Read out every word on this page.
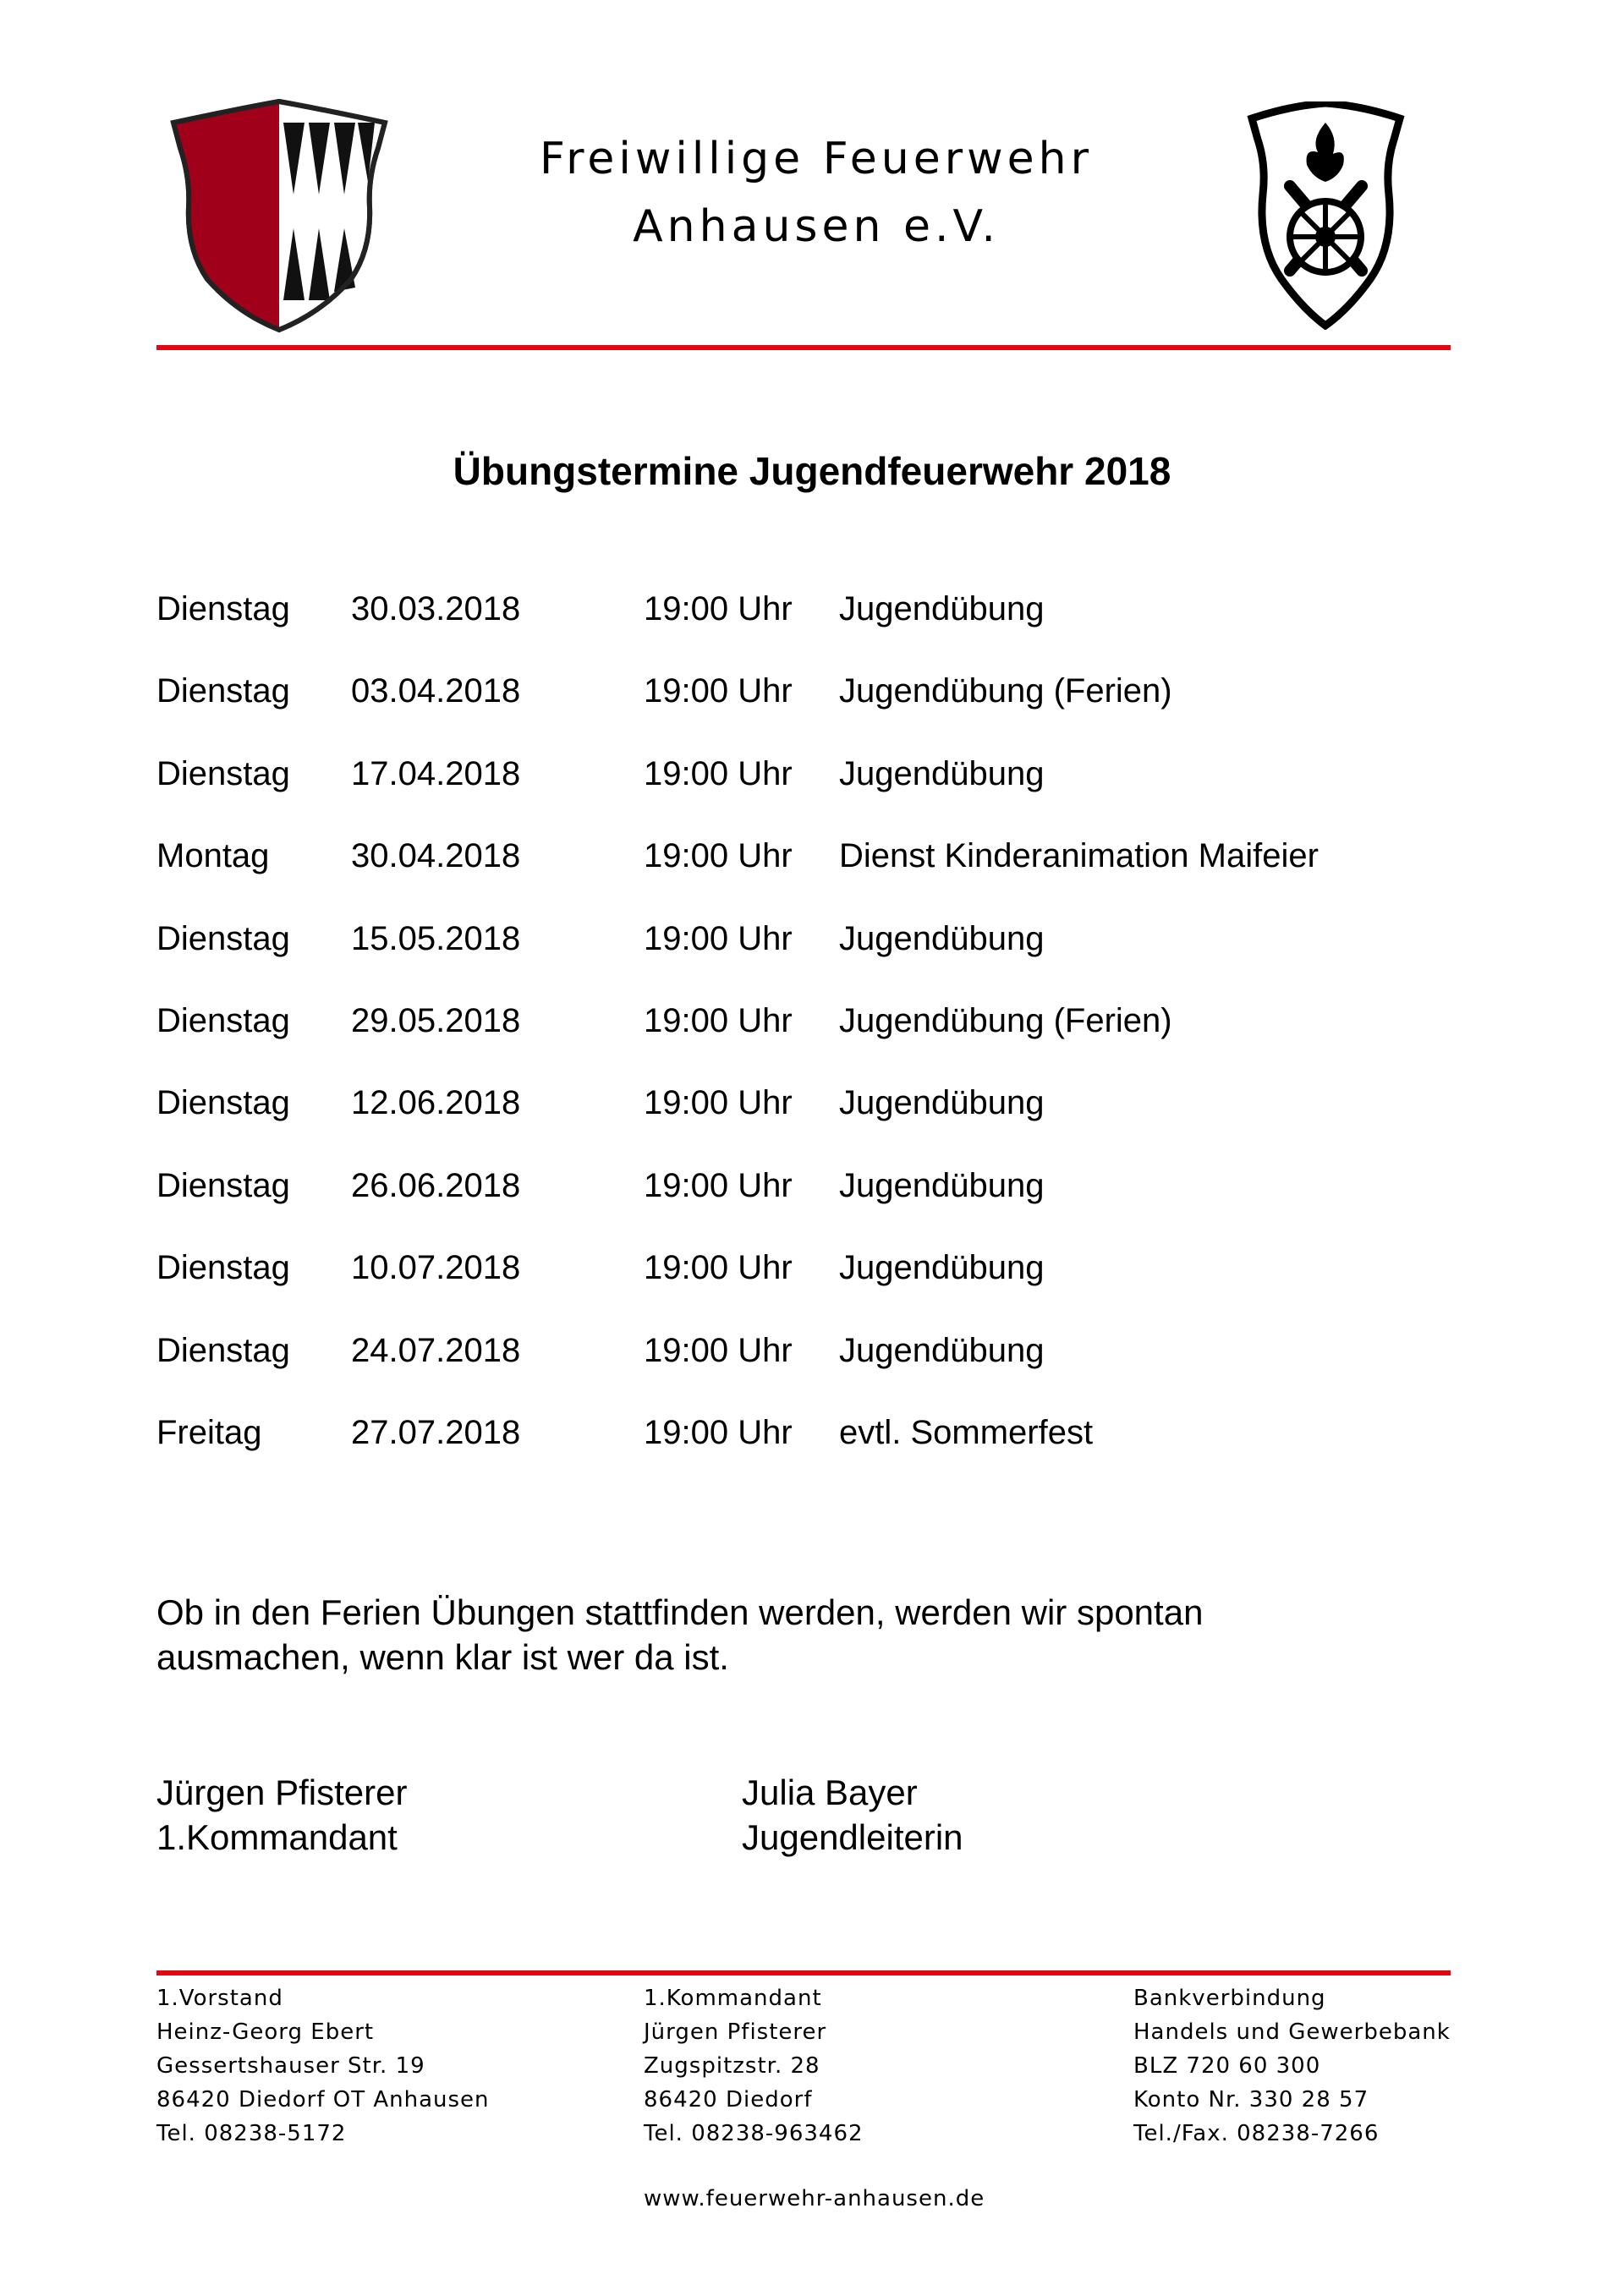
Freiwillige Feuerwehr
Anhausen e.V.
Übungstermine Jugendfeuerwehr 2018
Dienstag 30.03.2018	19:00 Uhr Jugendübung
Dienstag 03.04.2018	19:00 Uhr Jugendübung (Ferien)
Dienstag 17.04.2018	19:00 Uhr Jugendübung
Montag 30.04.2018	19:00 Uhr Dienst Kinderanimation Maifeier
Dienstag 15.05.2018	19:00 Uhr Jugendübung
Dienstag 29.05.2018	19:00 Uhr Jugendübung (Ferien)
Dienstag 12.06.2018	19:00 Uhr Jugendübung
Dienstag 26.06.2018	19:00 Uhr Jugendübung
Dienstag 10.07.2018	19:00 Uhr Jugendübung
Dienstag 24.07.2018	19:00 Uhr Jugendübung
Freitag	27.07.2018	19:00 Uhr evtl. Sommerfest
Ob in den Ferien Übungen stattfinden werden, werden wir spontan
ausmachen, wenn klar ist wer da ist.
Jürgen Pfisterer
1.Kommandant
Julia Bayer
Jugendleiterin
1.Vorstand
Heinz-Georg Ebert
Gessertshauser Str. 19
86420 Diedorf OT Anhausen
Tel. 08238-5172
1.Kommandant
Jürgen Pfisterer
Zugspitzstr. 28
86420 Diedorf
Tel. 08238-963462
Bankverbindung
Handels und Gewerbebank
BLZ 720 60 300
Konto Nr. 330 28 57
Tel./Fax. 08238-7266
www.feuerwehr-anhausen.de
